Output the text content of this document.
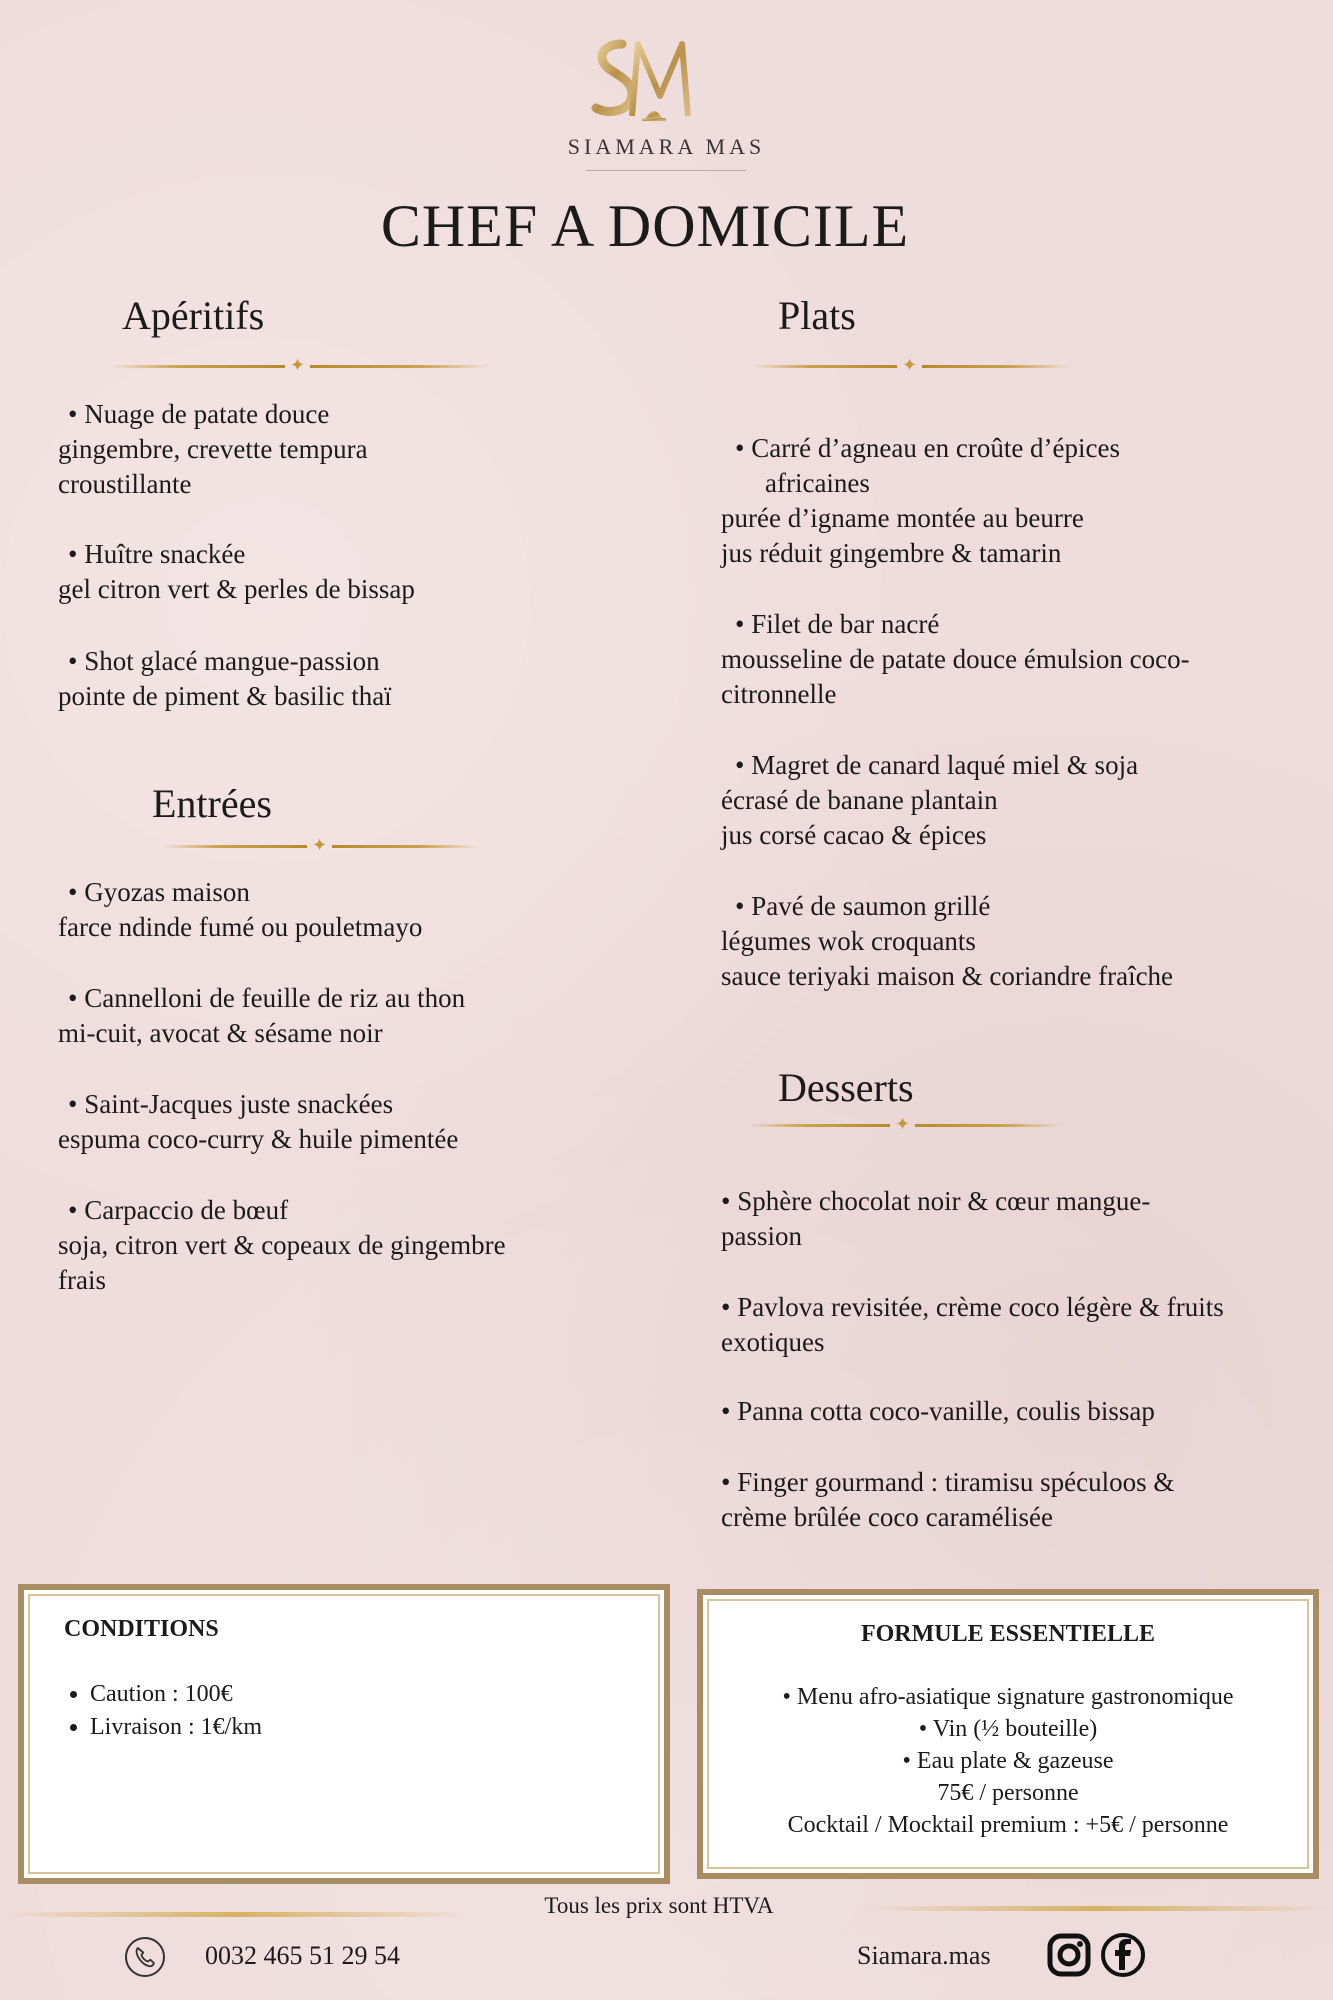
SIAMARA MAS
CHEF A DOMICILE
Apéritifs
✦
• Nuage de patate douce
gingembre, crevette tempura
croustillante
• Huître snackée
gel citron vert & perles de bissap
• Shot glacé mangue-passion
pointe de piment & basilic thaï
Entrées
✦
• Gyozas maison
farce ndinde fumé ou pouletmayo
• Cannelloni de feuille de riz au thon
mi-cuit, avocat & sésame noir
• Saint-Jacques juste snackées
espuma coco-curry & huile pimentée
• Carpaccio de bœuf
soja, citron vert & copeaux de gingembre
frais
Plats
✦
• Carré d’agneau en croûte d’épices
africaines
purée d’igname montée au beurre
jus réduit gingembre & tamarin
• Filet de bar nacré
mousseline de patate douce émulsion coco-
citronnelle
• Magret de canard laqué miel & soja
écrasé de banane plantain
jus corsé cacao & épices
• Pavé de saumon grillé
légumes wok croquants
sauce teriyaki maison & coriandre fraîche
Desserts
✦
• Sphère chocolat noir & cœur mangue-
passion
• Pavlova revisitée, crème coco légère & fruits
exotiques
• Panna cotta coco-vanille, coulis bissap
• Finger gourmand : tiramisu spéculoos &
crème brûlée coco caramélisée
CONDITIONS
• Caution : 100€
• Livraison : 1€/km
FORMULE ESSENTIELLE
• Menu afro-asiatique signature gastronomique
• Vin (½ bouteille)
• Eau plate & gazeuse
75€ / personne
Cocktail / Mocktail premium : +5€ / personne
Tous les prix sont HTVA
0032 465 51 29 54	Siamara.mas
